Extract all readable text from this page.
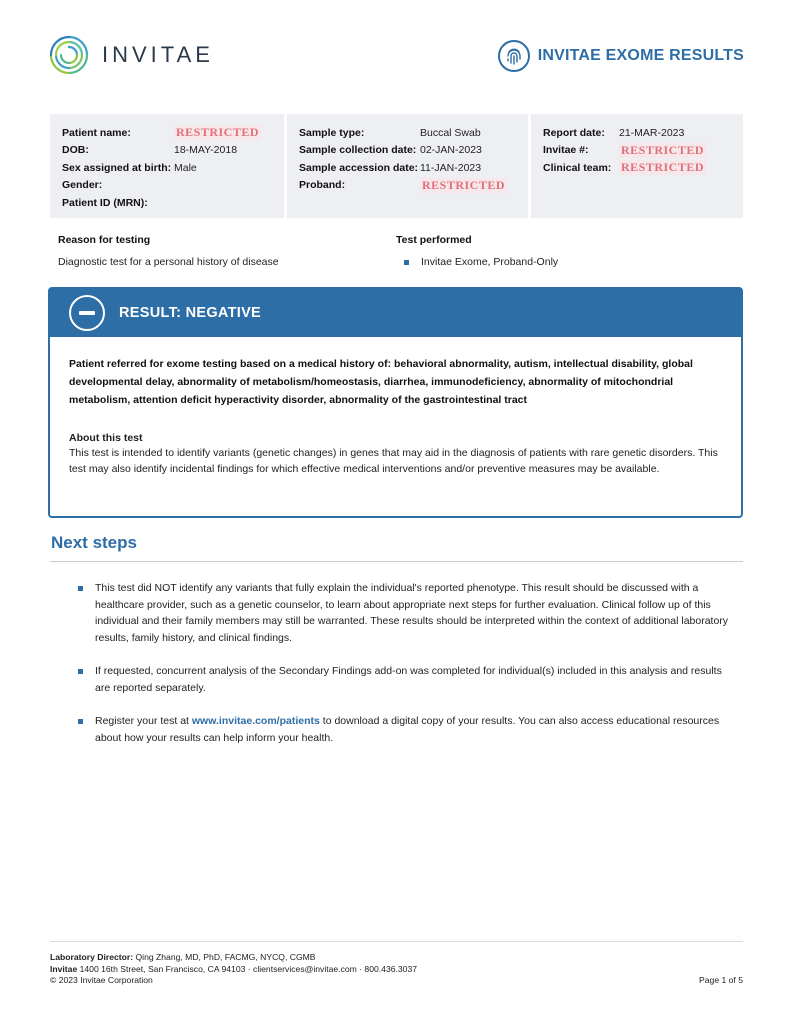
INVITAE	INVITAE EXOME RESULTS
Patient name:	RESTRICTED
DOB:	18-MAY-2018
Sex assigned at birth: Male
Gender:
Patient ID (MRN):
Sample type:	Buccal Swab
Sample collection date: 02-JAN-2023
Sample accession date: 11-JAN-2023
Proband:	RESTRICTED
Report date:	21-MAR-2023
Invitae #:	RESTRICTED
Clinical team: RESTRICTED
Reason for testing
Diagnostic test for a personal history of disease
Test performed
Invitae Exome, Proband-Only
RESULT: NEGATIVE

Patient referred for exome testing based on a medical history of: behavioral abnormality, autism, intellectual disability, global developmental delay, abnormality of metabolism/homeostasis, diarrhea, immunodeficiency, abnormality of mitochondrial metabolism, attention deficit hyperactivity disorder, abnormality of the gastrointestinal tract

About this test

This test is intended to identify variants (genetic changes) in genes that may aid in the diagnosis of patients with rare genetic disorders. This test may also identify incidental findings for which effective medical interventions and/or preventive measures may be available.

Next steps
This test did NOT identify any variants that fully explain the individual's reported phenotype. This result should be discussed with a healthcare provider, such as a genetic counselor, to learn about appropriate next steps for further evaluation. Clinical follow up of this individual and their family members may still be warranted. These results should be interpreted within the context of additional laboratory results, family history, and clinical findings.
If requested, concurrent analysis of the Secondary Findings add-on was completed for individual(s) included in this analysis and results are reported separately.
Register your test at www.invitae.com/patients to download a digital copy of your results. You can also access educational resources about how your results can help inform your health.
Laboratory Director: Qing Zhang, MD, PhD, FACMG, NYCQ, CGMB
Invitae 1400 16th Street, San Francisco, CA 94103 · clientservices@invitae.com · 800.436.3037
© 2023 Invitae Corporation	Page 1 of 5
